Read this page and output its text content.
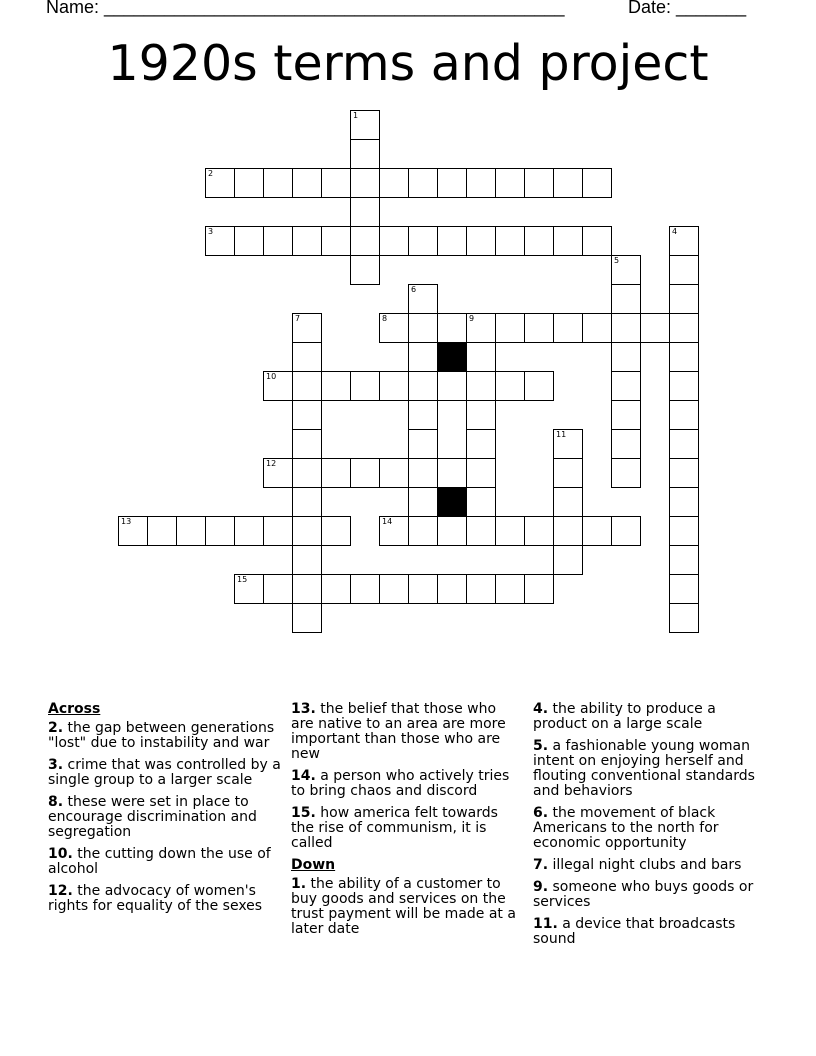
Name: ______________________________________________	Date: _______
1920s terms and project
2
3
8	9
10
12
13	14
15
1
4
5
6
7
11
Across
2. the gap between generations "lost" due to instability and war
3. crime that was controlled by a single group to a larger scale
8. these were set in place to encourage discrimination and segregation
10. the cutting down the use of alcohol
12. the advocacy of women's rights for equality of the sexes
13. the belief that those who are native to an area are more important than those who are new
14. a person who actively tries to bring chaos and discord
15. how america felt towards the rise of communism, it is called
Down
1. the ability of a customer to buy goods and services on the trust payment will be made at a later date
4. the ability to produce a product on a large scale
5. a fashionable young woman intent on enjoying herself and flouting conventional standards and behaviors
6. the movement of black Americans to the north for economic opportunity
7. illegal night clubs and bars
9. someone who buys goods or services
11. a device that broadcasts sound
